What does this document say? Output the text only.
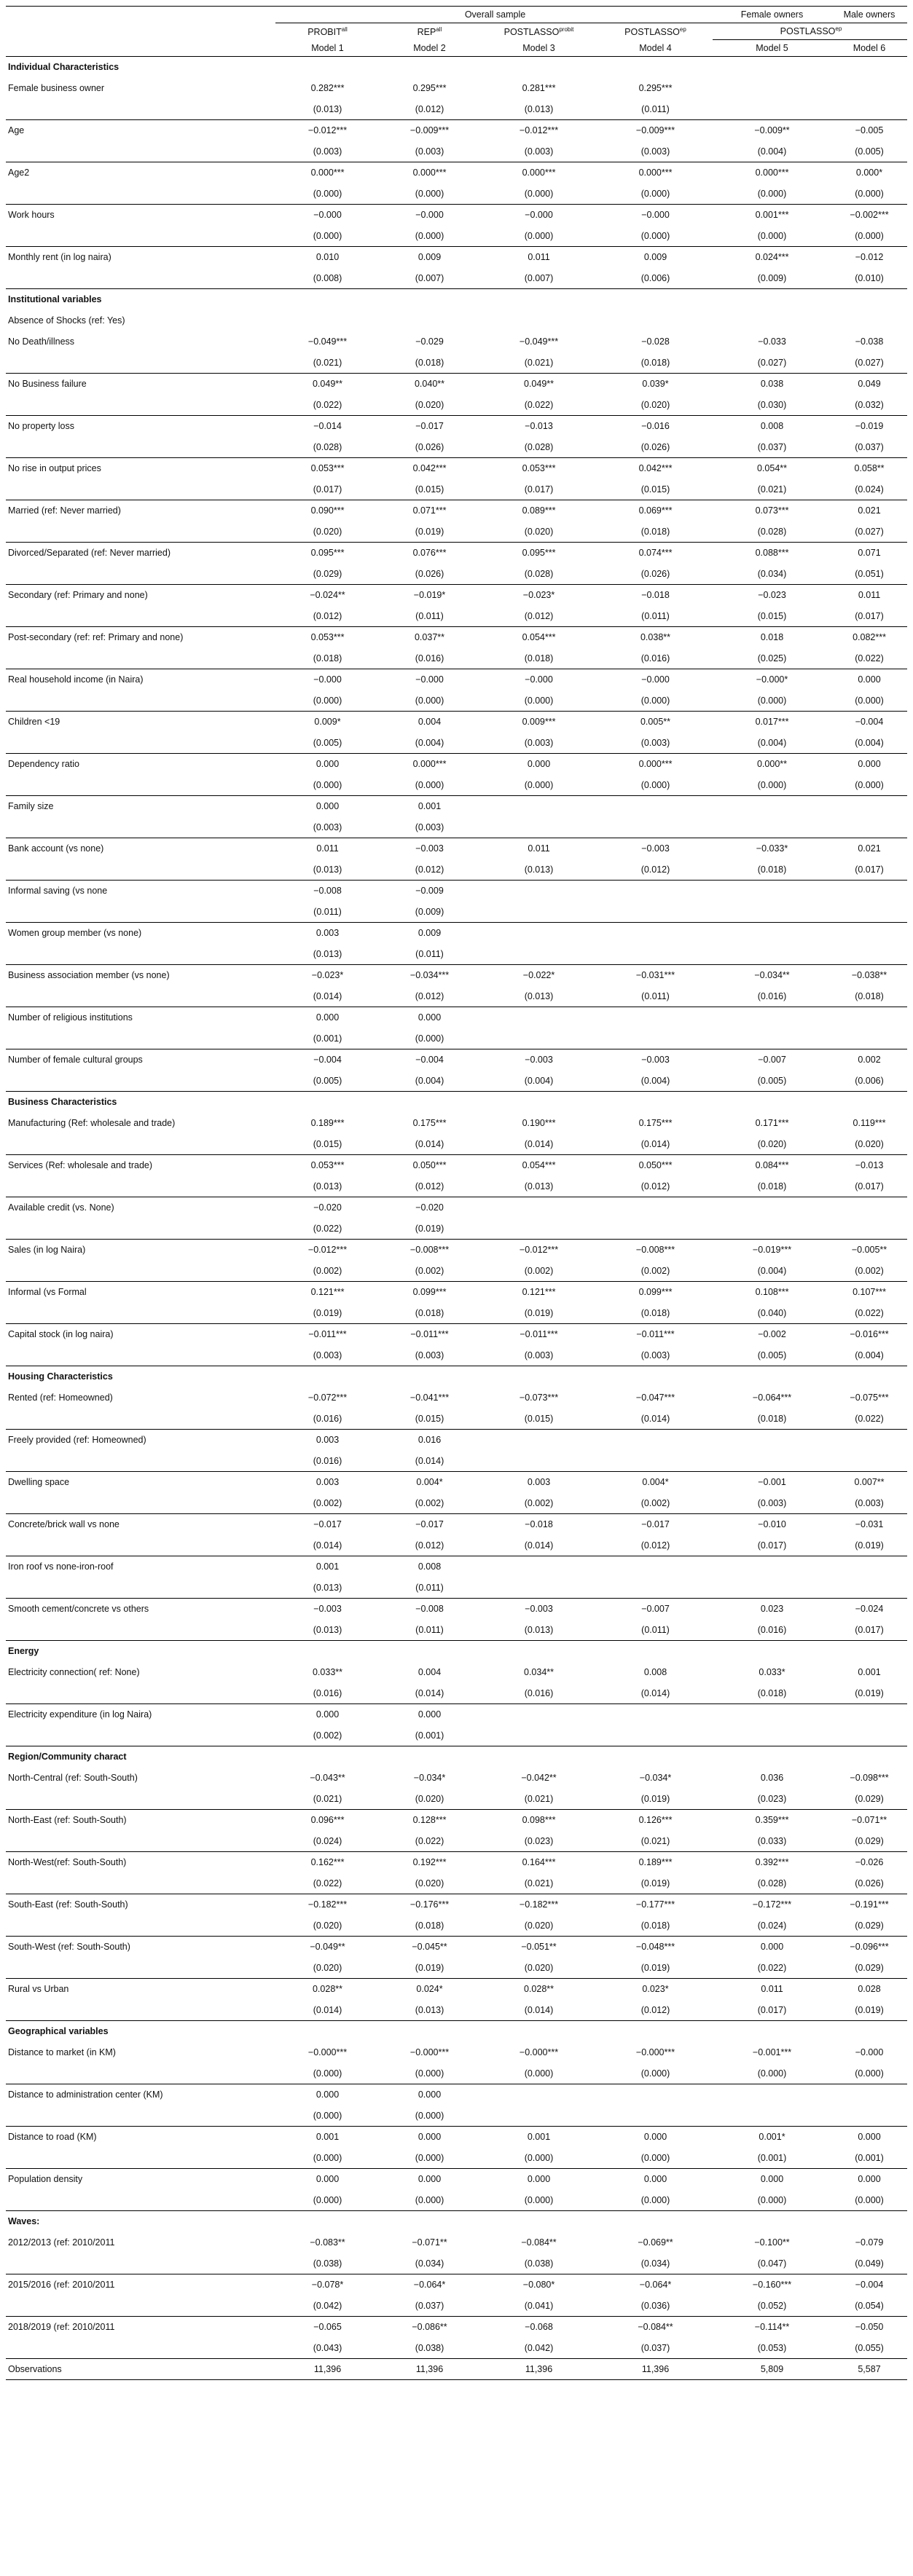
	Overall sample				Female owners	Male owners
	$PROBIT^{all}$	$REP^{all}$	$POSTLASSO^{probit}$	$POSTLASSO^{ep}$	$POSTLASSO^{ep}$
	Model 1	Model 2	Model 3	Model 4	Model 5	Model 6
Individual Characteristics						
Female business owner	0.282***	0.295***	0.281***	0.295***		
	(0.013)	(0.012)	(0.013)	(0.011)		
Age	−0.012***	−0.009***	−0.012***	−0.009***	−0.009**	−0.005
	(0.003)	(0.003)	(0.003)	(0.003)	(0.004)	(0.005)
Age2	0.000***	0.000***	0.000***	0.000***	0.000***	0.000*
	(0.000)	(0.000)	(0.000)	(0.000)	(0.000)	(0.000)
Work hours	−0.000	−0.000	−0.000	−0.000	0.001***	−0.002***
	(0.000)	(0.000)	(0.000)	(0.000)	(0.000)	(0.000)
Monthly rent (in log naira)	0.010	0.009	0.011	0.009	0.024***	−0.012
	(0.008)	(0.007)	(0.007)	(0.006)	(0.009)	(0.010)
Institutional variables						
Absence of Shocks (ref: Yes)						
No Death/illness	−0.049***	−0.029	−0.049***	−0.028	−0.033	−0.038
	(0.021)	(0.018)	(0.021)	(0.018)	(0.027)	(0.027)
No Business failure	0.049**	0.040**	0.049**	0.039*	0.038	0.049
	(0.022)	(0.020)	(0.022)	(0.020)	(0.030)	(0.032)
No property loss	−0.014	−0.017	−0.013	−0.016	0.008	−0.019
	(0.028)	(0.026)	(0.028)	(0.026)	(0.037)	(0.037)
No rise in output prices	0.053***	0.042***	0.053***	0.042***	0.054**	0.058**
	(0.017)	(0.015)	(0.017)	(0.015)	(0.021)	(0.024)
Married (ref: Never married)	0.090***	0.071***	0.089***	0.069***	0.073***	0.021
	(0.020)	(0.019)	(0.020)	(0.018)	(0.028)	(0.027)
Divorced/Separated (ref: Never married)	0.095***	0.076***	0.095***	0.074***	0.088***	0.071
	(0.029)	(0.026)	(0.028)	(0.026)	(0.034)	(0.051)
Secondary (ref: Primary and none)	−0.024**	−0.019*	−0.023*	−0.018	−0.023	0.011
	(0.012)	(0.011)	(0.012)	(0.011)	(0.015)	(0.017)
Post-secondary (ref: ref: Primary and none)	0.053***	0.037**	0.054***	0.038**	0.018	0.082***
	(0.018)	(0.016)	(0.018)	(0.016)	(0.025)	(0.022)
Real household income (in Naira)	−0.000	−0.000	−0.000	−0.000	−0.000*	0.000
	(0.000)	(0.000)	(0.000)	(0.000)	(0.000)	(0.000)
Children <19	0.009*	0.004	0.009***	0.005**	0.017***	−0.004
	(0.005)	(0.004)	(0.003)	(0.003)	(0.004)	(0.004)
Dependency ratio	0.000	0.000***	0.000	0.000***	0.000**	0.000
	(0.000)	(0.000)	(0.000)	(0.000)	(0.000)	(0.000)
Family size	0.000	0.001				
	(0.003)	(0.003)				
Bank account (vs none)	0.011	−0.003	0.011	−0.003	−0.033*	0.021
	(0.013)	(0.012)	(0.013)	(0.012)	(0.018)	(0.017)
Informal saving (vs none	−0.008	−0.009				
	(0.011)	(0.009)				
Women group member (vs none)	0.003	0.009				
	(0.013)	(0.011)				
Business association member (vs none)	−0.023*	−0.034***	−0.022*	−0.031***	−0.034**	−0.038**
	(0.014)	(0.012)	(0.013)	(0.011)	(0.016)	(0.018)
Number of religious institutions	0.000	0.000				
	(0.001)	(0.000)				
Number of female cultural groups	−0.004	−0.004	−0.003	−0.003	−0.007	0.002
	(0.005)	(0.004)	(0.004)	(0.004)	(0.005)	(0.006)
Business Characteristics						
Manufacturing (Ref: wholesale and trade)	0.189***	0.175***	0.190***	0.175***	0.171***	0.119***
	(0.015)	(0.014)	(0.014)	(0.014)	(0.020)	(0.020)
Services (Ref: wholesale and trade)	0.053***	0.050***	0.054***	0.050***	0.084***	−0.013
	(0.013)	(0.012)	(0.013)	(0.012)	(0.018)	(0.017)
Available credit (vs. None)	−0.020	−0.020				
	(0.022)	(0.019)				
Sales (in log Naira)	−0.012***	−0.008***	−0.012***	−0.008***	−0.019***	−0.005**
	(0.002)	(0.002)	(0.002)	(0.002)	(0.004)	(0.002)
Informal (vs Formal	0.121***	0.099***	0.121***	0.099***	0.108***	0.107***
	(0.019)	(0.018)	(0.019)	(0.018)	(0.040)	(0.022)
Capital stock (in log naira)	−0.011***	−0.011***	−0.011***	−0.011***	−0.002	−0.016***
	(0.003)	(0.003)	(0.003)	(0.003)	(0.005)	(0.004)
Housing Characteristics						
Rented (ref: Homeowned)	−0.072***	−0.041***	−0.073***	−0.047***	−0.064***	−0.075***
	(0.016)	(0.015)	(0.015)	(0.014)	(0.018)	(0.022)
Freely provided (ref: Homeowned)	0.003	0.016				
	(0.016)	(0.014)				
Dwelling space	0.003	0.004*	0.003	0.004*	−0.001	0.007**
	(0.002)	(0.002)	(0.002)	(0.002)	(0.003)	(0.003)
Concrete/brick wall vs none	−0.017	−0.017	−0.018	−0.017	−0.010	−0.031
	(0.014)	(0.012)	(0.014)	(0.012)	(0.017)	(0.019)
Iron roof vs none-iron-roof	0.001	0.008				
	(0.013)	(0.011)				
Smooth cement/concrete vs others	−0.003	−0.008	−0.003	−0.007	0.023	−0.024
	(0.013)	(0.011)	(0.013)	(0.011)	(0.016)	(0.017)
Energy						
Electricity connection( ref: None)	0.033**	0.004	0.034**	0.008	0.033*	0.001
	(0.016)	(0.014)	(0.016)	(0.014)	(0.018)	(0.019)
Electricity expenditure (in log Naira)	0.000	0.000				
	(0.002)	(0.001)				
Region/Community charact						
North-Central (ref: South-South)	−0.043**	−0.034*	−0.042**	−0.034*	0.036	−0.098***
	(0.021)	(0.020)	(0.021)	(0.019)	(0.023)	(0.029)
North-East (ref: South-South)	0.096***	0.128***	0.098***	0.126***	0.359***	−0.071**
	(0.024)	(0.022)	(0.023)	(0.021)	(0.033)	(0.029)
North-West(ref: South-South)	0.162***	0.192***	0.164***	0.189***	0.392***	−0.026
	(0.022)	(0.020)	(0.021)	(0.019)	(0.028)	(0.026)
South-East (ref: South-South)	−0.182***	−0.176***	−0.182***	−0.177***	−0.172***	−0.191***
	(0.020)	(0.018)	(0.020)	(0.018)	(0.024)	(0.029)
South-West (ref: South-South)	−0.049**	−0.045**	−0.051**	−0.048***	0.000	−0.096***
	(0.020)	(0.019)	(0.020)	(0.019)	(0.022)	(0.029)
Rural vs Urban	0.028**	0.024*	0.028**	0.023*	0.011	0.028
	(0.014)	(0.013)	(0.014)	(0.012)	(0.017)	(0.019)
Geographical variables						
Distance to market (in KM)	−0.000***	−0.000***	−0.000***	−0.000***	−0.001***	−0.000
	(0.000)	(0.000)	(0.000)	(0.000)	(0.000)	(0.000)
Distance to administration center (KM)	0.000	0.000				
	(0.000)	(0.000)				
Distance to road (KM)	0.001	0.000	0.001	0.000	0.001*	0.000
	(0.000)	(0.000)	(0.000)	(0.000)	(0.001)	(0.001)
Population density	0.000	0.000	0.000	0.000	0.000	0.000
	(0.000)	(0.000)	(0.000)	(0.000)	(0.000)	(0.000)
Waves:						
2012/2013 (ref: 2010/2011	−0.083**	−0.071**	−0.084**	−0.069**	−0.100**	−0.079
	(0.038)	(0.034)	(0.038)	(0.034)	(0.047)	(0.049)
2015/2016 (ref: 2010/2011	−0.078*	−0.064*	−0.080*	−0.064*	−0.160***	−0.004
	(0.042)	(0.037)	(0.041)	(0.036)	(0.052)	(0.054)
2018/2019 (ref: 2010/2011	−0.065	−0.086**	−0.068	−0.084**	−0.114**	−0.050
	(0.043)	(0.038)	(0.042)	(0.037)	(0.053)	(0.055)
Observations	11,396	11,396	11,396	11,396	5,809	5,587
